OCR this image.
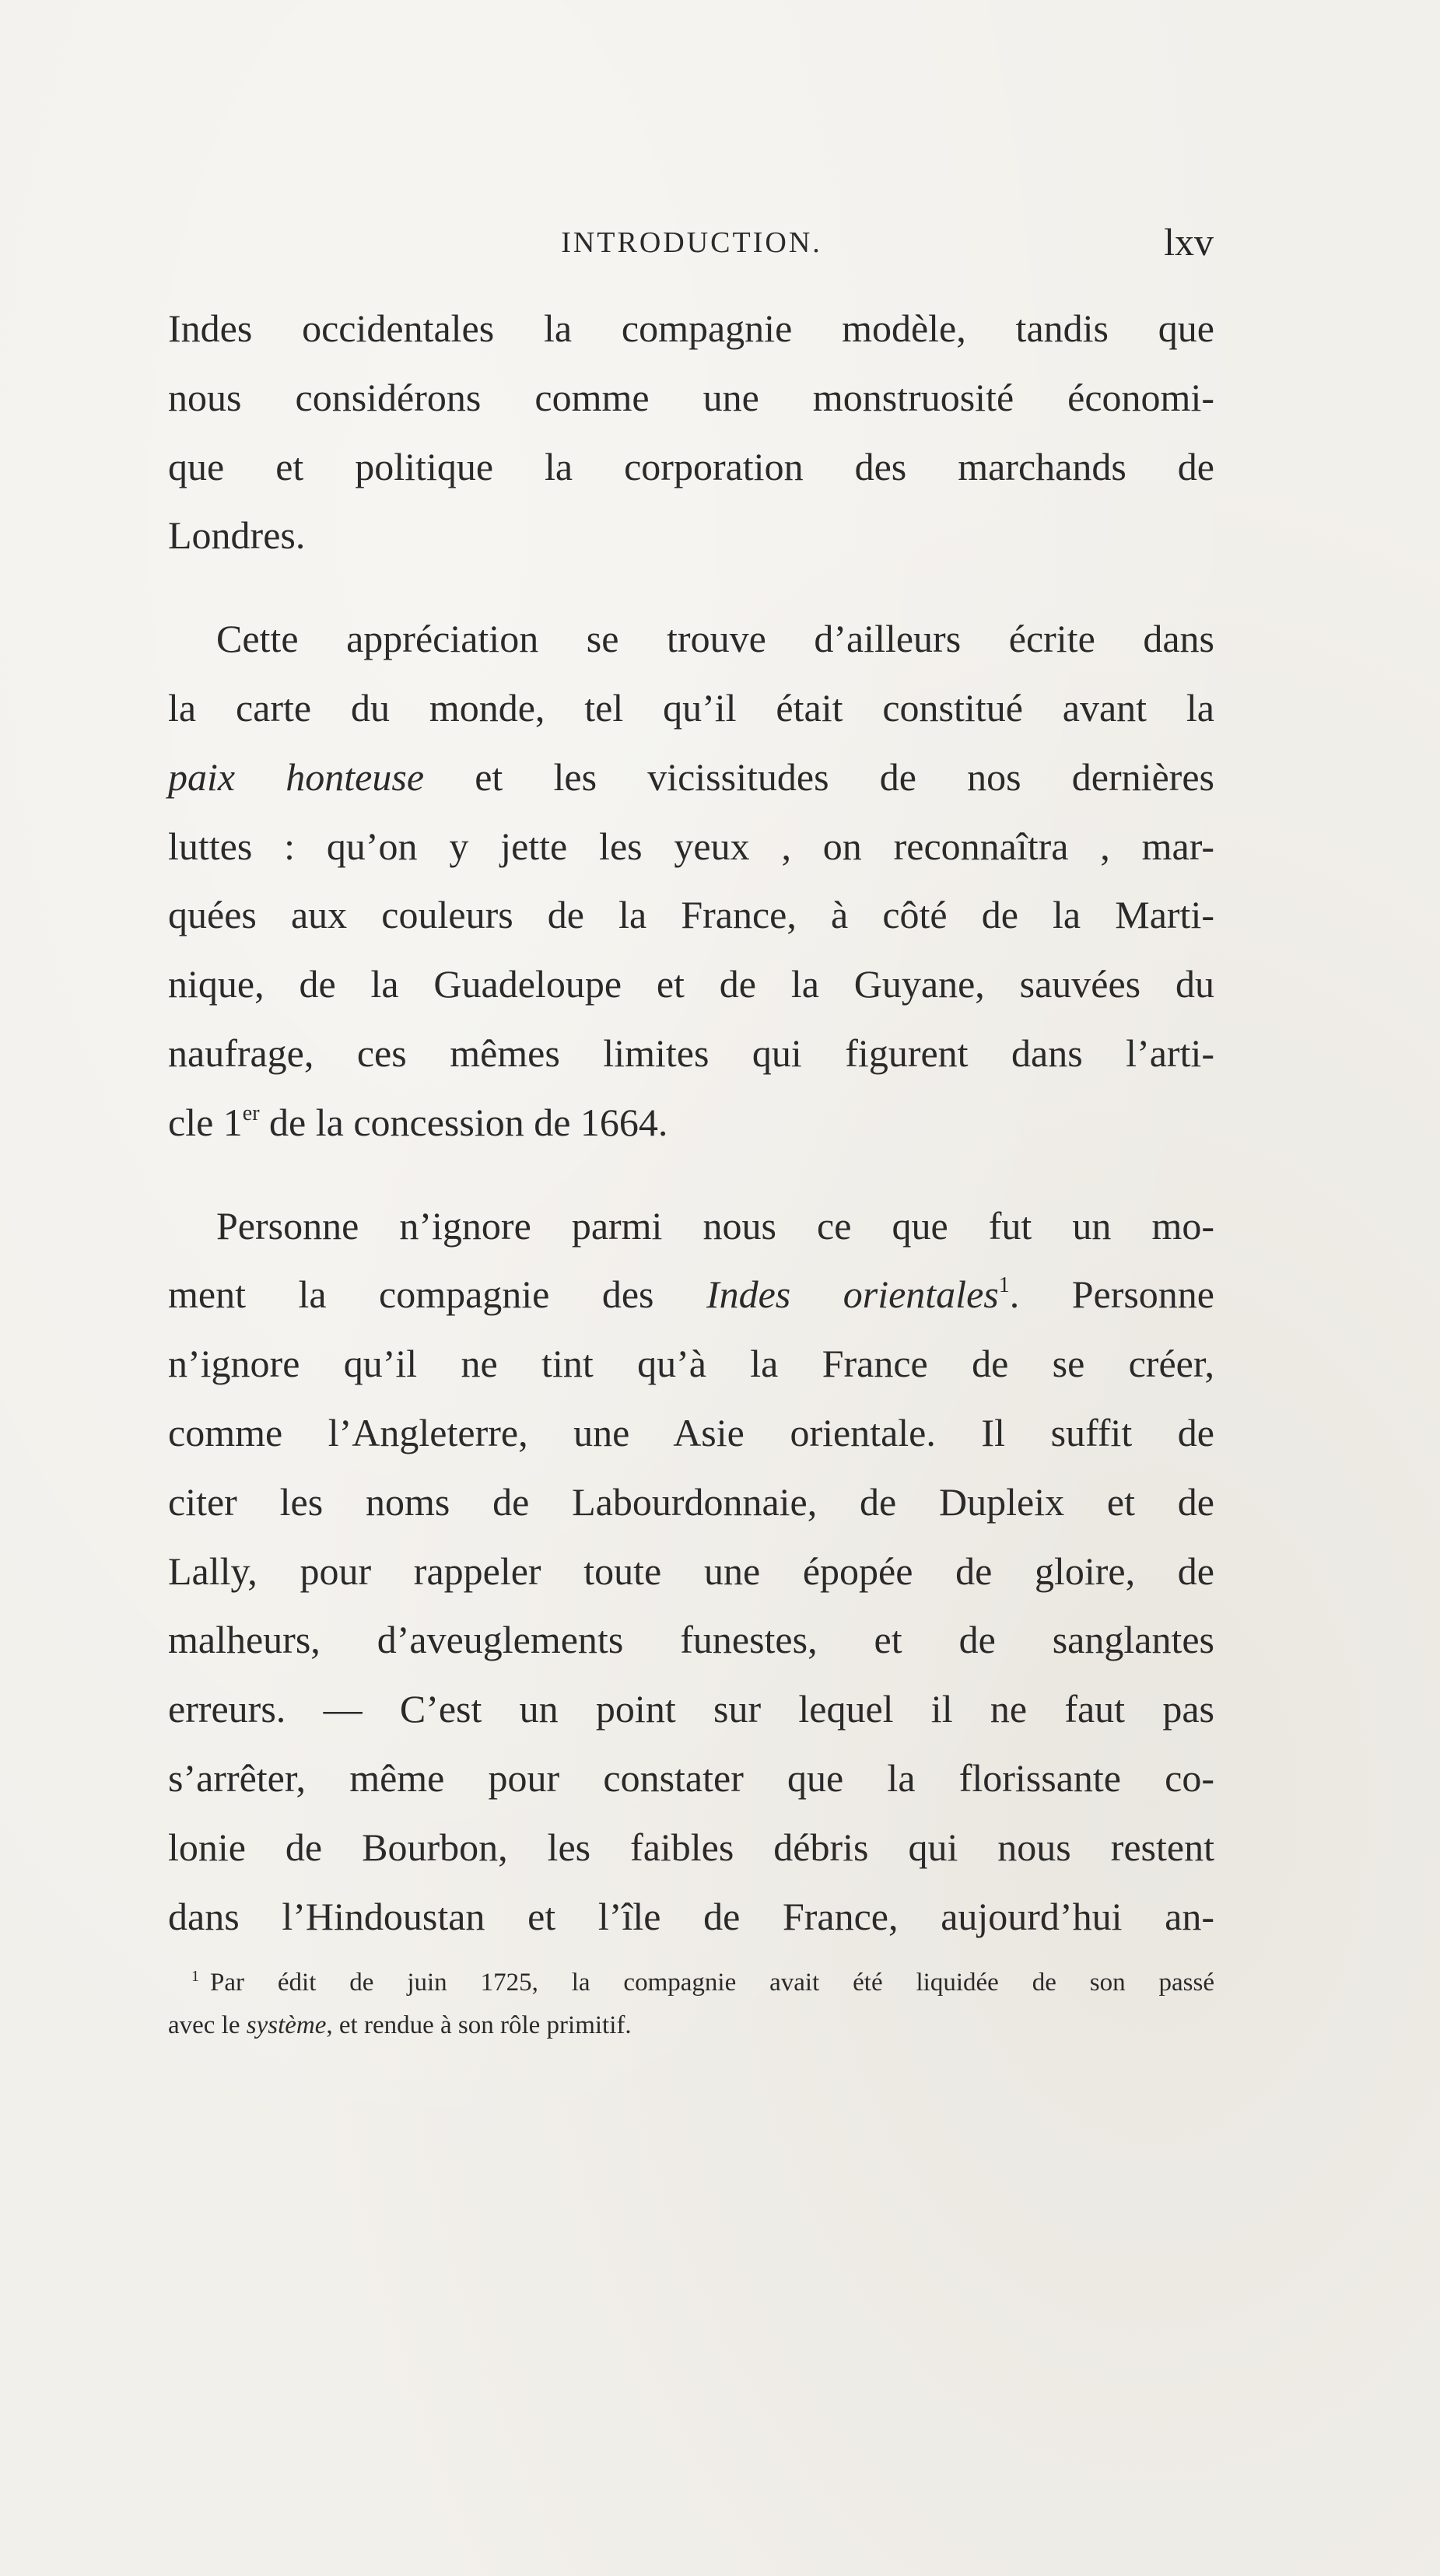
INTRODUCTION.	lxv
Indes occidentales la compagnie modèle, tandis que
nous considérons comme une monstruosité économi-
que et politique la corporation des marchands de
Londres.
Cette appréciation se trouve d’ailleurs écrite dans
la carte du monde, tel qu’il était constitué avant la
paix honteuse et les vicissitudes de nos dernières
luttes : qu’on y jette les yeux , on reconnaîtra , mar-
quées aux couleurs de la France, à côté de la Marti-
nique, de la Guadeloupe et de la Guyane, sauvées du
naufrage, ces mêmes limites qui figurent dans l’arti-
cle 1er de la concession de 1664.
Personne n’ignore parmi nous ce que fut un mo-
ment la compagnie des Indes orientales$^1$. Personne
n’ignore qu’il ne tint qu’à la France de se créer,
comme l’Angleterre, une Asie orientale. Il suffit de
citer les noms de Labourdonnaie, de Dupleix et de
Lally, pour rappeler toute une épopée de gloire, de
malheurs, d’aveuglements funestes, et de sanglantes
erreurs. — C’est un point sur lequel il ne faut pas
s’arrêter, même pour constater que la florissante co-
lonie de Bourbon, les faibles débris qui nous restent
dans l’Hindoustan et l’île de France, aujourd’hui an-
$^1$ Par édit de juin 1725, la compagnie avait été liquidée de son passé
avec le système, et rendue à son rôle primitif.
